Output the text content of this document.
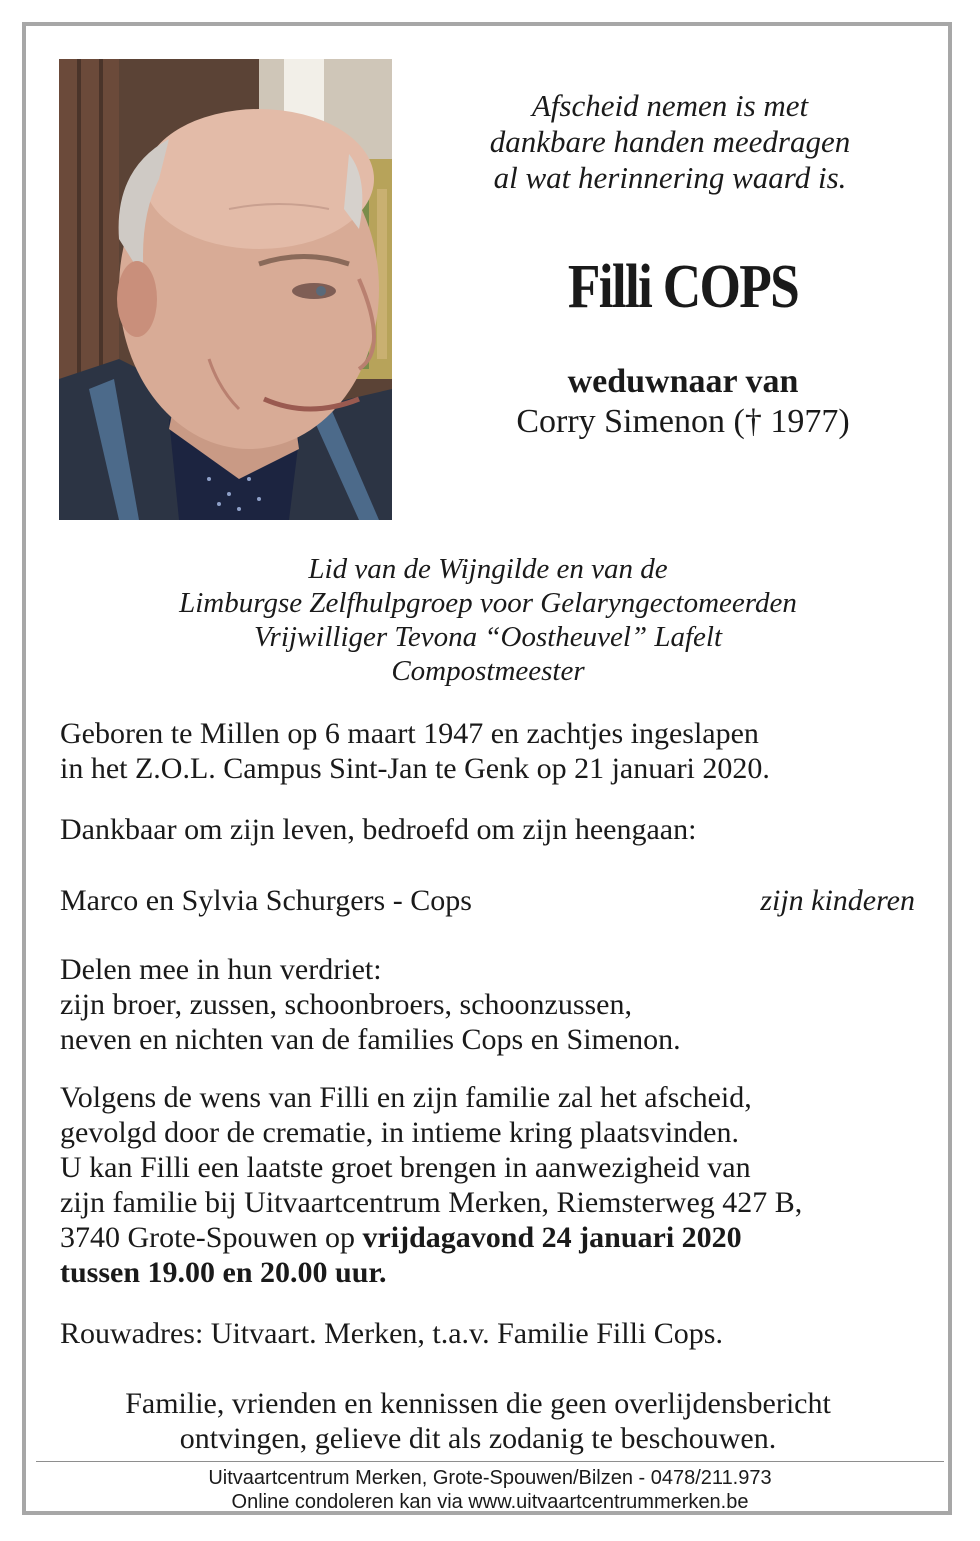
Afscheid nemen is met
dankbare handen meedragen
al wat herinnering waard is.
Filli COPS
weduwnaar van
Corry Simenon († 1977)
Lid van de Wijngilde en van de
Limburgse Zelfhulpgroep voor Gelaryngectomeerden
Vrijwilliger Tevona “Oostheuvel” Lafelt
Compostmeester
Geboren te Millen op 6 maart 1947 en zachtjes ingeslapen
in het Z.O.L. Campus Sint-Jan te Genk op 21 januari 2020.
Dankbaar om zijn leven, bedroefd om zijn heengaan:
Marco en Sylvia Schurgers - Cops	zijn kinderen
Delen mee in hun verdriet:
zijn broer, zussen, schoonbroers, schoonzussen,
neven en nichten van de families Cops en Simenon.
Volgens de wens van Filli en zijn familie zal het afscheid,
gevolgd door de crematie, in intieme kring plaatsvinden.
U kan Filli een laatste groet brengen in aanwezigheid van
zijn familie bij Uitvaartcentrum Merken, Riemsterweg 427 B,
3740 Grote-Spouwen op vrijdagavond 24 januari 2020
tussen 19.00 en 20.00 uur.
Rouwadres: Uitvaart. Merken, t.a.v. Familie Filli Cops.
Familie, vrienden en kennissen die geen overlijdensbericht
ontvingen, gelieve dit als zodanig te beschouwen.
Uitvaartcentrum Merken, Grote-Spouwen/Bilzen - 0478/211.973
Online condoleren kan via www.uitvaartcentrummerken.be
